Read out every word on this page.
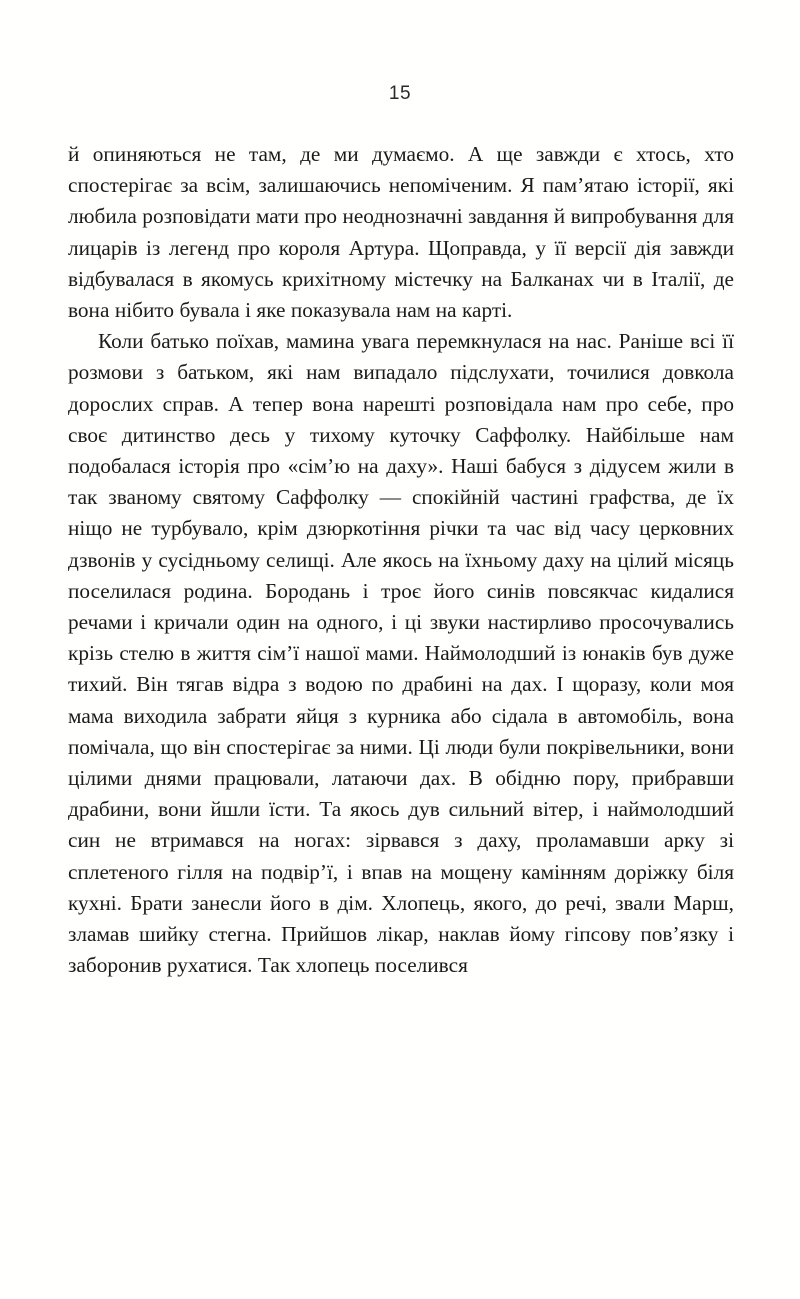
15

й опиняються не там, де ми думаємо. А ще завжди є хтось, хто спостерігає за всім, залишаючись непоміченим. Я пам’ятаю історії, які любила розповідати мати про неоднозначні завдання й випробування для лицарів із легенд про короля Артура. Щоправда, у її версії дія завжди відбувалася в якомусь крихітному містечку на Балканах чи в Італії, де вона нібито бувала і яке показувала нам на карті.

Коли батько поїхав, мамина увага перемкнулася на нас. Раніше всі її розмови з батьком, які нам випадало підслухати, точилися довкола дорослих справ. А тепер вона нарешті розповідала нам про себе, про своє дитинство десь у тихому куточку Саффолку. Найбільше нам подобалася історія про «сім’ю на даху». Наші бабуся з дідусем жили в так званому святому Саффолку — спокійній частині графства, де їх ніщо не турбувало, крім дзюркотіння річки та час від часу церковних дзвонів у сусідньому селищі. Але якось на їхньому даху на цілий місяць поселилася родина. Бородань і троє його синів повсякчас кидалися речами і кричали один на одного, і ці звуки настирливо просочувались крізь стелю в життя сім’ї нашої мами. Наймолодший із юнаків був дуже тихий. Він тягав відра з водою по драбині на дах. І щоразу, коли моя мама виходила забрати яйця з курника або сідала в автомобіль, вона помічала, що він спостерігає за ними. Ці люди були покрівельники, вони цілими днями працювали, латаючи дах. В обідню пору, прибравши драбини, вони йшли їсти. Та якось дув сильний вітер, і наймолодший син не втримався на ногах: зірвався з даху, проламавши арку зі сплетеного гілля на подвір’ї, і впав на мощену камінням доріжку біля кухні. Брати занесли його в дім. Хлопець, якого, до речі, звали Марш, зламав шийку стегна. Прийшов лікар, наклав йому гіпсову пов’язку і заборонив рухатися. Так хлопець поселився
